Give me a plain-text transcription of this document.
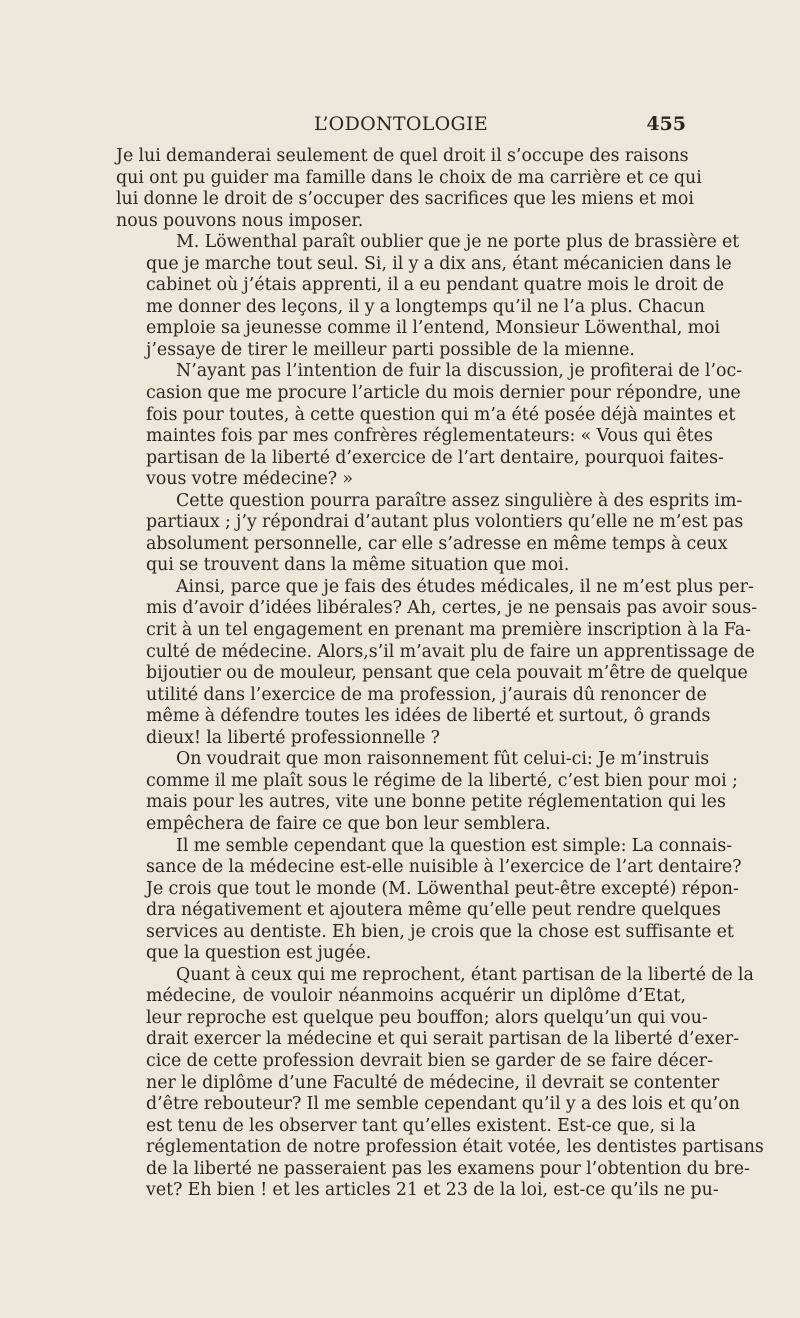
L’ODONTOLOGIE	455

Je lui demanderai seulement de quel droit il s’occupe des raisons
qui ont pu guider ma famille dans le choix de ma carrière et ce qui
lui donne le droit de s’occuper des sacrifices que les miens et moi
nous pouvons nous imposer.

M. Löwenthal paraît oublier que je ne porte plus de brassière et
que je marche tout seul. Si, il y a dix ans, étant mécanicien dans le
cabinet où j’étais apprenti, il a eu pendant quatre mois le droit de
me donner des leçons, il y a longtemps qu’il ne l’a plus. Chacun
emploie sa jeunesse comme il l’entend, Monsieur Löwenthal, moi
j’essaye de tirer le meilleur parti possible de la mienne.

N’ayant pas l’intention de fuir la discussion, je profiterai de l’oc-
casion que me procure l’article du mois dernier pour répondre, une
fois pour toutes, à cette question qui m’a été posée déjà maintes et
maintes fois par mes confrères réglementateurs: « Vous qui êtes
partisan de la liberté d’exercice de l’art dentaire, pourquoi faites-
vous votre médecine? »

Cette question pourra paraître assez singulière à des esprits im-
partiaux ; j’y répondrai d’autant plus volontiers qu’elle ne m’est pas
absolument personnelle, car elle s’adresse en même temps à ceux
qui se trouvent dans la même situation que moi.

Ainsi, parce que je fais des études médicales, il ne m’est plus per-
mis d’avoir d’idées libérales? Ah, certes, je ne pensais pas avoir sous-
crit à un tel engagement en prenant ma première inscription à la Fa-
culté de médecine. Alors,s’il m’avait plu de faire un apprentissage de
bijoutier ou de mouleur, pensant que cela pouvait m’être de quelque
utilité dans l’exercice de ma profession, j’aurais dû renoncer de
même à défendre toutes les idées de liberté et surtout, ô grands
dieux! la liberté professionnelle ?

On voudrait que mon raisonnement fût celui-ci: Je m’instruis
comme il me plaît sous le régime de la liberté, c’est bien pour moi ;
mais pour les autres, vite une bonne petite réglementation qui les
empêchera de faire ce que bon leur semblera.

Il me semble cependant que la question est simple: La connais-
sance de la médecine est-elle nuisible à l’exercice de l’art dentaire?
Je crois que tout le monde (M. Löwenthal peut-être excepté) répon-
dra négativement et ajoutera même qu’elle peut rendre quelques
services au dentiste. Eh bien, je crois que la chose est suffisante et
que la question est jugée.

Quant à ceux qui me reprochent, étant partisan de la liberté de la
médecine, de vouloir néanmoins acquérir un diplôme d’Etat,
leur reproche est quelque peu bouffon; alors quelqu’un qui vou-
drait exercer la médecine et qui serait partisan de la liberté d’exer-
cice de cette profession devrait bien se garder de se faire décer-
ner le diplôme d’une Faculté de médecine, il devrait se contenter
d’être rebouteur? Il me semble cependant qu’il y a des lois et qu’on
est tenu de les observer tant qu’elles existent. Est-ce que, si la
réglementation de notre profession était votée, les dentistes partisans
de la liberté ne passeraient pas les examens pour l’obtention du bre-
vet? Eh bien ! et les articles 21 et 23 de la loi, est-ce qu’ils ne pu-
